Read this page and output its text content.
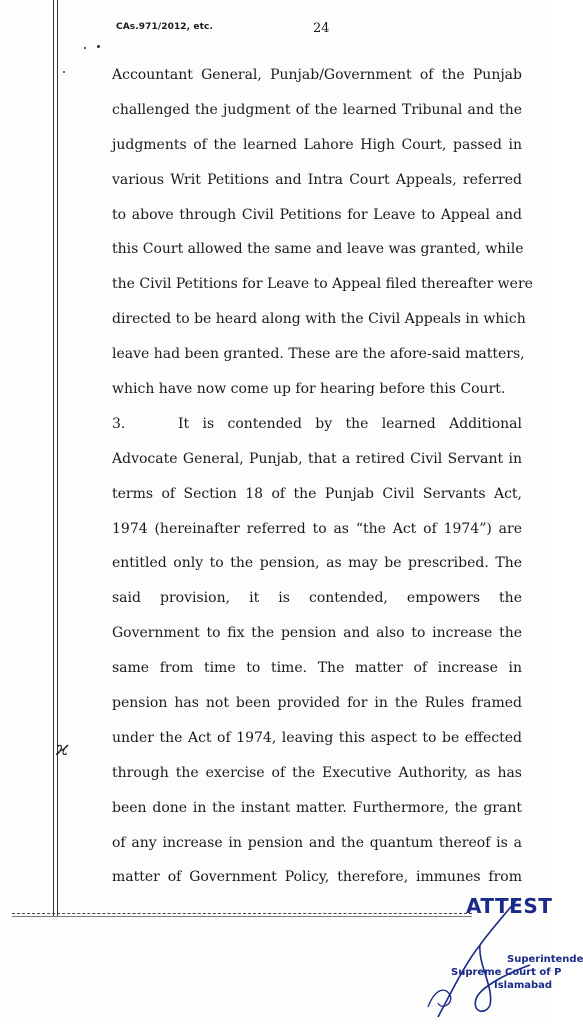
CAs.971/2012, etc.	24
Accountant General, Punjab/Government of the Punjab
challenged the judgment of the learned Tribunal and the
judgments of the learned Lahore High Court, passed in
various Writ Petitions and Intra Court Appeals, referred
to above through Civil Petitions for Leave to Appeal and
this Court allowed the same and leave was granted, while
the Civil Petitions for Leave to Appeal filed thereafter were
directed to be heard along with the Civil Appeals in which
leave had been granted. These are the afore-said matters,
which have now come up for hearing before this Court.
3.	It is contended by the learned Additional
Advocate General, Punjab, that a retired Civil Servant in
terms of Section 18 of the Punjab Civil Servants Act,
1974 (hereinafter referred to as “the Act of 1974”) are
entitled only to the pension, as may be prescribed. The
said provision, it is contended, empowers the
Government to fix the pension and also to increase the
same from time to time. The matter of increase in
pension has not been provided for in the Rules framed
under the Act of 1974, leaving this aspect to be effected
through the exercise of the Executive Authority, as has
been done in the instant matter. Furthermore, the grant
of any increase in pension and the quantum thereof is a
matter of Government Policy, therefore, immunes from
ϰ
ATTEST
Superintende
Supreme Court of P
Islamabad
